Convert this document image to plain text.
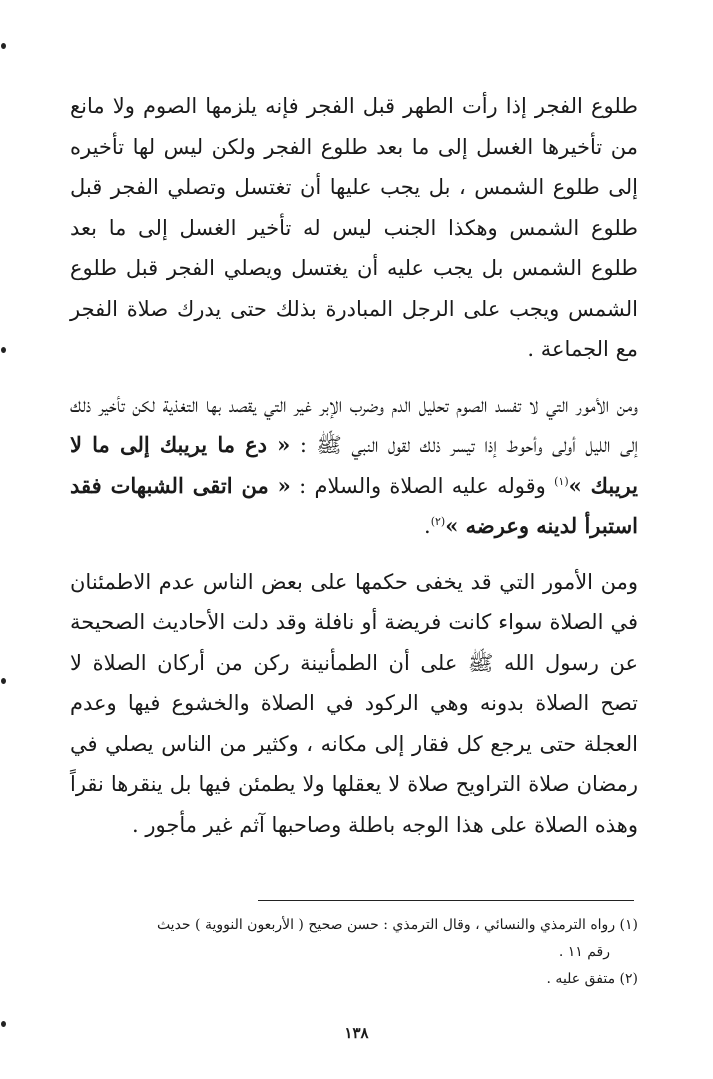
طلوع الفجر إذا رأت الطهر قبل الفجر فإنه يلزمها الصوم ولا مانع من تأخيرها الغسل إلى ما بعد طلوع الفجر ولكن ليس لها تأخيره إلى طلوع الشمس ، بل يجب عليها أن تغتسل وتصلي الفجر قبل طلوع الشمس وهكذا الجنب ليس له تأخير الغسل إلى ما بعد طلوع الشمس بل يجب عليه أن يغتسل ويصلي الفجر قبل طلوع الشمس ويجب على الرجل المبادرة بذلك حتى يدرك صلاة الفجر مع الجماعة .

ومن الأمور التي لا تفسد الصوم تحليل الدم وضرب الإبر غير التي يقصد بها التغذية لكن تأخير ذلك إلى الليل أولى وأحوط إذا تيسر ذلك لقول النبي ﷺ : « دع ما يريبك إلى ما لا يريبك »$^{(١)}$ وقوله عليه الصلاة والسلام : « من اتقى الشبهات فقد استبرأ لدينه وعرضه »$^{(٢)}$.

ومن الأمور التي قد يخفى حكمها على بعض الناس عدم الاطمئنان في الصلاة سواء كانت فريضة أو نافلة وقد دلت الأحاديث الصحيحة عن رسول الله ﷺ على أن الطمأنينة ركن من أركان الصلاة لا تصح الصلاة بدونه وهي الركود في الصلاة والخشوع فيها وعدم العجلة حتى يرجع كل فقار إلى مكانه ، وكثير من الناس يصلي في رمضان صلاة التراويح صلاة لا يعقلها ولا يطمئن فيها بل ينقرها نقراً وهذه الصلاة على هذا الوجه باطلة وصاحبها آثم غير مأجور .

(١) رواه الترمذي والنسائي ، وقال الترمذي : حسن صحيح ( الأربعون النووية ) حديث

رقم ١١ .

(٢) متفق عليه .

١٣٨
